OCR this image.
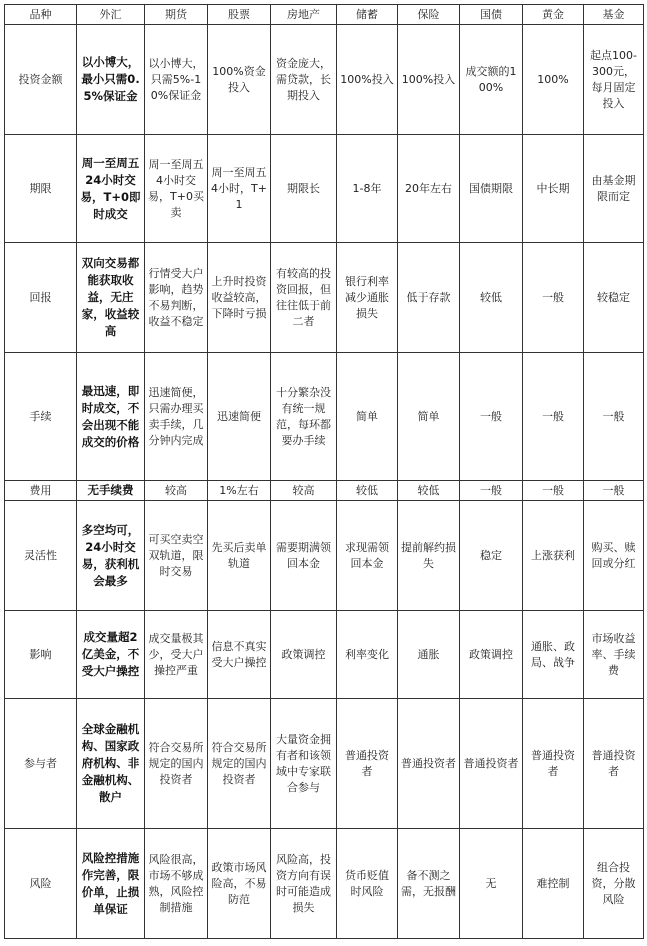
品种	外汇	期货	股票	房地产	储蓄	保险	国债	黄金	基金
投资金额	以小博大，最小只需0.5%保证金	以小博大，只需5%-10%保证金	100%资金投入	资金庞大，需贷款，长期投入	100%投入	100%投入	成交额的100%	100%	起点100-300元，每月固定投入
期限	周一至周五24小时交易，T+0即时成交	周一至周五4小时交易，T+0买卖	周一至周五4小时，T+1	期限长	1-8年	20年左右	国债期限	中长期	由基金期限而定
回报	双向交易都能获取收益，无庄家，收益较高	行情受大户影响，趋势不易判断，收益不稳定	上升时投资收益较高，下降时亏损	有较高的投资回报，但往往低于前二者	银行利率减少通胀损失	低于存款	较低	一般	较稳定
手续	最迅速，即时成交，不会出现不能成交的价格	迅速简便，只需办理买卖手续，几分钟内完成	迅速简便	十分繁杂没有统一规范，每环都要办手续	简单	简单	一般	一般	一般
费用	无手续费	较高	1%左右	较高	较低	较低	一般	一般	一般
灵活性	多空均可，24小时交易，获利机会最多	可买空卖空双轨道，限时交易	先买后卖单轨道	需要期满领回本金	求现需领回本金	提前解约损失	稳定	上涨获利	购买、赎回或分红
影响	成交量超2亿美金，不受大户操控	成交量极其少，受大户操控严重	信息不真实受大户操控	政策调控	利率变化	通胀	政策调控	通胀、政局、战争	市场收益率、手续费
参与者	全球金融机构、国家政府机构、非金融机构、散户	符合交易所规定的国内投资者	符合交易所规定的国内投资者	大量资金拥有者和该领域中专家联合参与	普通投资者	普通投资者	普通投资者	普通投资者	普通投资者
风险	风险控措施作完善，限价单，止损单保证	风险很高，市场不够成熟，风险控制措施	政策市场风险高，不易防范	风险高，投资方向有误时可能造成损失	货币贬值时风险	备不测之需，无报酬	无	难控制	组合投资，分散风险
